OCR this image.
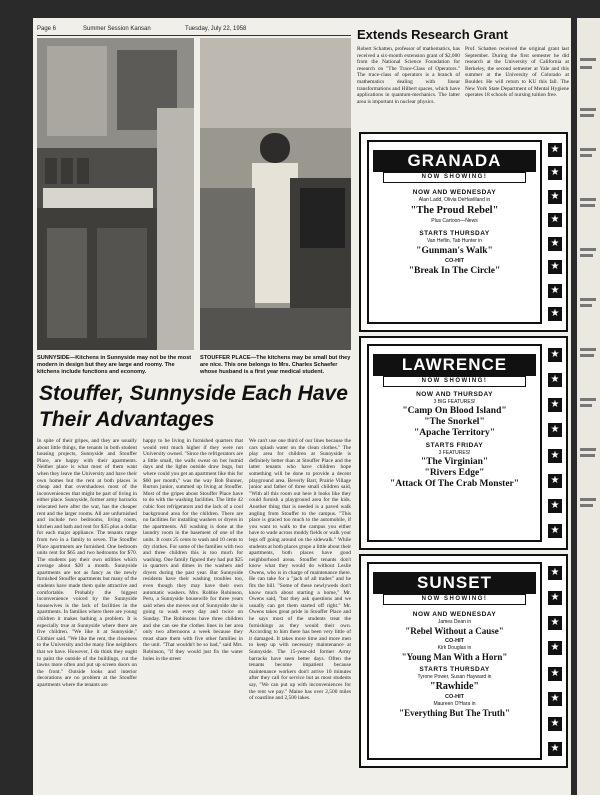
Page 6	Summer Session Kansan	Tuesday, July 22, 1958
SUNNYSIDE—Kitchens in Sunnyside may not be the most modern in design but they are large and roomy. The kitchens include functions and economy.
STOUFFER PLACE—The kitchens may be small but they are nice. This one belongs to Mrs. Charles Schaefer whose husband is a first year medical student.
Stouffer, Sunnyside Each Have Their Advantages
In spite of their gripes, and they are usually about little things, the tenants in both student housing projects, Sunnyside and Stouffer Place, are happy with their apartments. Neither place is what most of them want when they leave the University and have their own homes but the rent at both places is cheap and that overshadows most of the inconveniences that might be part of living in either place. Sunnyside, former army barracks relocated here after the war, has the cheaper rent and the larger rooms. All are unfurnished and include two bedrooms, living room, kitchen and bath and rent for $35 plus a dollar for each major appliance. The tenants range from two in a family to seven. The Stouffer Place apartments are furnished. One bedroom units rent for $65 and two bedrooms for $70. The students pay their own utilities which average about $20 a month. Sunnyside apartments are not as fancy as the newly furnished Stouffer apartments but many of the students have made them quite attractive and comfortable. Probably the biggest inconvenience voiced by the Sunnyside housewives is the lack of facilities in the apartments. In families where there are young children it makes bathing a problem. It is especially true at Sunnyside where there are five children. "We like it at Sunnyside," Clothier said. "We like the rent, the closeness to the University and the many fine neighbors that we have. However, I do think they ought to paint the outside of the buildings, cut the lawns more often and put up screen doors on the front." Outside looks and interior decorations are no problem at the Stouffer apartments where the tenants are
happy to be living in furnished quarters that would rent much higher if they were not University owned. "Since the refrigerators are a little small, the walls sweat on hot humid days and the lights outside draw bugs, but where could you get an apartment like this for $60 per month," was the way Bob Bunner, Burton junior, summed up living at Stouffer. Most of the gripes about Stouffer Place have to do with the washing facilities. The little 42 cubic foot refrigerators and the lack of a cool background area for the children. There are no facilities for installing washers or dryers in the apartments. All washing is done at the laundry room in the basement of one of the units. It costs 25 cents to wash and 10 cents to dry clothes. For some of the families with two and three children this is too much for washing. One family figured they had put $25 in quarters and dimes in the washers and dryers during the past year. But Sunnyside residents have their washing troubles too, even though they may have their own automatic washers. Mrs. Robbie Robinson, Peru, a Sunnyside housewife for three years said when she moves out of Sunnyside she is going to wash every day and twice on Sunday. The Robinsons have three children and she can see the clothes lines in her area only two afternoons a week because they must share them with five other families in the unit. "That wouldn't be so bad," said Mrs. Robinson, "if they would just fix the water holes in the street
We can't use one third of our lines because the cars splash water on the clean clothes." The play area for children at Sunnyside is definitely better than at Stouffer Place and the latter tenants who have children hope something will be done to provide a decent playground area. Beverly Barr, Prairie Village junior and father of three small children said, "With all this room out here it looks like they could furnish a playground area for the kids. Another thing that is needed is a paved walk angling from Stouffer to the campus. "This place is graced too much to the automobile, if you want to walk to the campus you either have to wade across muddy fields or walk your legs off going around on the sidewalk." While students at both places grope a little about their apartments, both places have good neighborhood areas. Stouffer tenants don't know what they would do without Leslie Owens, who is in charge of maintenance there. He can take for a "jack of all trades" and he fits the bill. "Some of these newlyweds don't know much about starting a home," Mr. Owens said, "but they ask questions and we usually can get them started off right." Mr. Owens takes great pride in Stouffer Place and he says most of the students treat the furnishings as they would their own. According to him there has been very little of it damaged. It takes more time and more men to keep up with necessary maintenance at Sunnyside. The 15-year-old former Army barracks have seen better days. Often the tenants become impatient because maintenance workers don't arrive 10 minutes after they call for service but as most students say, "We can put up with inconveniences for the rent we pay." Maine has over 2,500 miles of coastline and 2,500 lakes.
Extends Research Grant
Robert Schatten, professor of mathematics, has received a six-month extension grant of $2,000 from the National Science Foundation for research on "The Trace-Class of Operators." The trace-class of operators is a branch of mathematics dealing with linear transformations and Hilbert spaces, which have applications in quantum-mechanics. The latter area is important in nuclear physics.
Prof. Schatten received the original grant last September. During the first semester he did research at the University of California at Berkeley, the second semester at Yale and this summer at the University of Colorado at Boulder. He will return to KU this fall. The New York State Department of Mental Hygiene operates 18 schools of nursing tuition free.
★
★
★
★
★
★
★
★
GRANADA
NOW SHOWING!
NOW AND WEDNESDAY
Alan Ladd, Olivia DeHavilland in
"The Proud Rebel"
Plus Cartoon—News
STARTS THURSDAY
Van Heflin, Tab Hunter in
"Gunman's Walk"
CO-HIT
"Break In The Circle"
★
★
★
★
★
★
★
★
LAWRENCE
NOW SHOWING!
NOW AND THURSDAY
3 BIG FEATURES!
"Camp On Blood Island"
"The Snorkel"
"Apache Territory"
STARTS FRIDAY
3 FEATURES!
"The Virginian"
"Rivers Edge"
"Attack Of The Crab Monster"
★
★
★
★
★
★
★
★
SUNSET
NOW SHOWING!
NOW AND WEDNESDAY
James Dean in
"Rebel Without a Cause"
CO-HIT
Kirk Douglas in
"Young Man With a Horn"
STARTS THURSDAY
Tyrone Power, Susan Hayward in
"Rawhide"
CO-HIT
Maureen O'Hara in
"Everything But The Truth"
